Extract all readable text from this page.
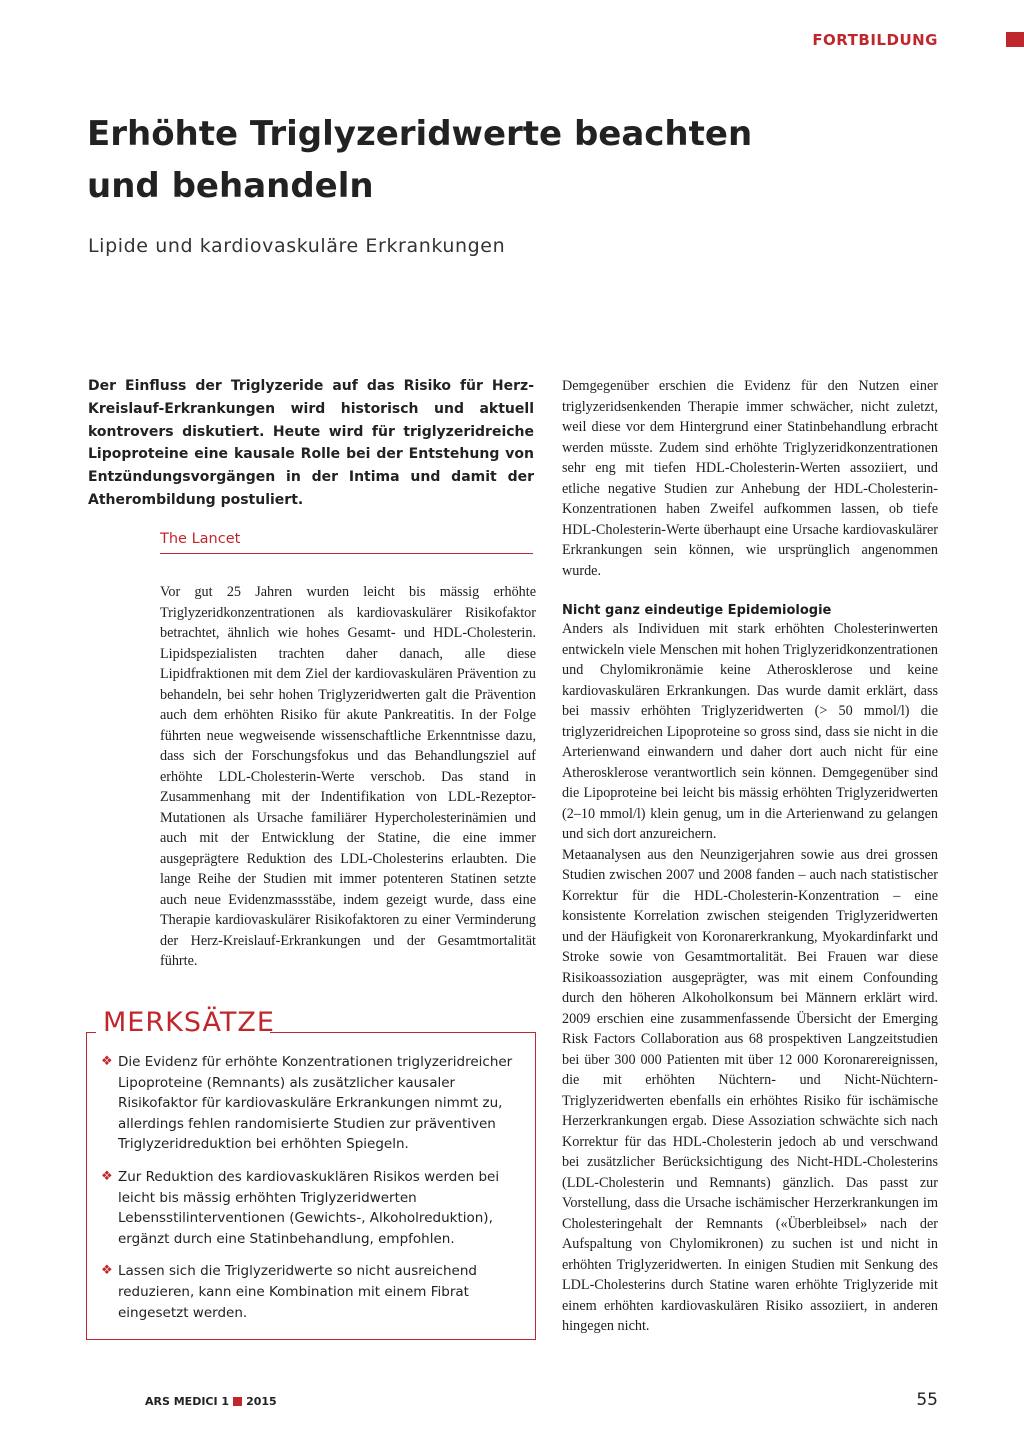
FORTBILDUNG
Erhöhte Triglyzeridwerte beachten
und behandeln
Lipide und kardiovaskuläre Erkrankungen

Der Einfluss der Triglyzeride auf das Risiko für Herz-Kreislauf-Erkrankungen wird historisch und aktuell kontrovers diskutiert. Heute wird für triglyzeridreiche Lipoproteine eine kausale Rolle bei der Entstehung von Entzündungsvorgängen in der Intima und damit der Atherombildung postuliert.

The Lancet

Vor gut 25 Jahren wurden leicht bis mässig erhöhte Triglyzeridkonzentrationen als kardiovaskulärer Risikofaktor betrachtet, ähnlich wie hohes Gesamt- und HDL-Cholesterin. Lipidspezialisten trachten daher danach, alle diese Lipidfraktionen mit dem Ziel der kardiovaskulären Prävention zu behandeln, bei sehr hohen Triglyzeridwerten galt die Prävention auch dem erhöhten Risiko für akute Pankreatitis. In der Folge führten neue wegweisende wissenschaftliche Erkenntnisse dazu, dass sich der Forschungsfokus und das Behandlungsziel auf erhöhte LDL-Cholesterin-Werte verschob. Das stand in Zusammenhang mit der Indentifikation von LDL-Rezeptor-Mutationen als Ursache familiärer Hypercholesterinämien und auch mit der Entwicklung der Statine, die eine immer ausgeprägtere Reduktion des LDL-Cholesterins erlaubten. Die lange Reihe der Studien mit immer potenteren Statinen setzte auch neue Evidenzmassstäbe, indem gezeigt wurde, dass eine Therapie kardiovaskulärer Risikofaktoren zu einer Verminderung der Herz-Kreislauf-Erkrankungen und der Gesamtmortalität führte.

Demgegenüber erschien die Evidenz für den Nutzen einer triglyzeridsenkenden Therapie immer schwächer, nicht zuletzt, weil diese vor dem Hintergrund einer Statinbehandlung erbracht werden müsste. Zudem sind erhöhte Triglyzeridkonzentrationen sehr eng mit tiefen HDL-Cholesterin-Werten assoziiert, und etliche negative Studien zur Anhebung der HDL-Cholesterin-Konzentrationen haben Zweifel aufkommen lassen, ob tiefe HDL-Cholesterin-Werte überhaupt eine Ursache kardiovaskulärer Erkrankungen sein können, wie ursprünglich angenommen wurde.

Nicht ganz eindeutige Epidemiologie

Anders als Individuen mit stark erhöhten Cholesterinwerten entwickeln viele Menschen mit hohen Triglyzeridkonzentrationen und Chylomikronämie keine Atherosklerose und keine kardiovaskulären Erkrankungen. Das wurde damit erklärt, dass bei massiv erhöhten Triglyzeridwerten (> 50 mmol/l) die triglyzeridreichen Lipoproteine so gross sind, dass sie nicht in die Arterienwand einwandern und daher dort auch nicht für eine Atherosklerose verantwortlich sein können. Demgegenüber sind die Lipoproteine bei leicht bis mässig erhöhten Triglyzeridwerten (2–10 mmol/l) klein genug, um in die Arterienwand zu gelangen und sich dort anzureichern.

Metaanalysen aus den Neunzigerjahren sowie aus drei grossen Studien zwischen 2007 und 2008 fanden – auch nach statistischer Korrektur für die HDL-Cholesterin-Konzentration – eine konsistente Korrelation zwischen steigenden Triglyzeridwerten und der Häufigkeit von Koronarerkrankung, Myokardinfarkt und Stroke sowie von Gesamtmortalität. Bei Frauen war diese Risikoassoziation ausgeprägter, was mit einem Confounding durch den höheren Alkoholkonsum bei Männern erklärt wird. 2009 erschien eine zusammenfassende Übersicht der Emerging Risk Factors Collaboration aus 68 prospektiven Langzeitstudien bei über 300 000 Patienten mit über 12 000 Koronarereignissen, die mit erhöhten Nüchtern- und Nicht-Nüchtern-Triglyzeridwerten ebenfalls ein erhöhtes Risiko für ischämische Herzerkrankungen ergab. Diese Assoziation schwächte sich nach Korrektur für das HDL-Cholesterin jedoch ab und verschwand bei zusätzlicher Berücksichtigung des Nicht-HDL-Cholesterins (LDL-Cholesterin und Remnants) gänzlich. Das passt zur Vorstellung, dass die Ursache ischämischer Herzerkrankungen im Cholesteringehalt der Remnants («Überbleibsel» nach der Aufspaltung von Chylomikronen) zu suchen ist und nicht in erhöhten Triglyzeridwerten. In einigen Studien mit Senkung des LDL-Cholesterins durch Statine waren erhöhte Triglyzeride mit einem erhöhten kardiovaskulären Risiko assoziiert, in anderen hingegen nicht.

MERKSÄTZE
❖ Die Evidenz für erhöhte Konzentrationen triglyzeridreicher Lipoproteine (Remnants) als zusätzlicher kausaler Risikofaktor für kardiovaskuläre Erkrankungen nimmt zu, allerdings fehlen randomisierte Studien zur präventiven Triglyzeridreduktion bei erhöhten Spiegeln.
❖ Zur Reduktion des kardiovaskuklären Risikos werden bei leicht bis mässig erhöhten Triglyzeridwerten Lebensstilinterventionen (Gewichts-, Alkoholreduktion), ergänzt durch eine Statinbehandlung, empfohlen.
❖ Lassen sich die Triglyzeridwerte so nicht ausreichend reduzieren, kann eine Kombination mit einem Fibrat eingesetzt werden.
ARS MEDICI 1 2015	55
